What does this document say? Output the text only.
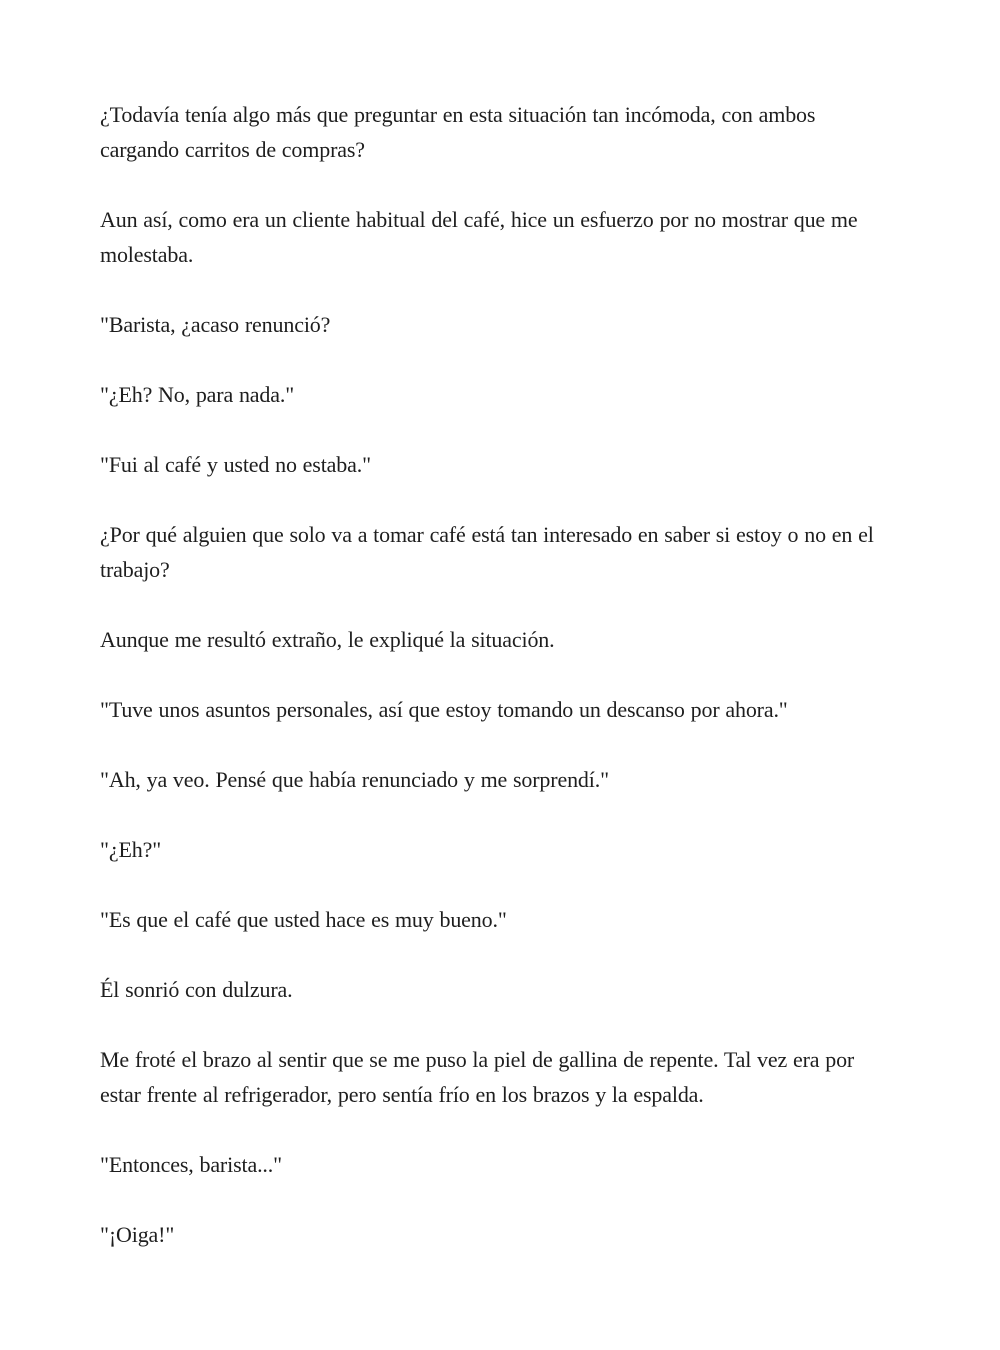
¿Todavía tenía algo más que preguntar en esta situación tan incómoda, con ambos cargando carritos de compras?

Aun así, como era un cliente habitual del café, hice un esfuerzo por no mostrar que me molestaba.

"Barista, ¿acaso renunció?

"¿Eh? No, para nada."

"Fui al café y usted no estaba."

¿Por qué alguien que solo va a tomar café está tan interesado en saber si estoy o no en el trabajo?

Aunque me resultó extraño, le expliqué la situación.

"Tuve unos asuntos personales, así que estoy tomando un descanso por ahora."

"Ah, ya veo. Pensé que había renunciado y me sorprendí."

"¿Eh?"

"Es que el café que usted hace es muy bueno."

Él sonrió con dulzura.

Me froté el brazo al sentir que se me puso la piel de gallina de repente. Tal vez era por estar frente al refrigerador, pero sentía frío en los brazos y la espalda.

"Entonces, barista..."

"¡Oiga!"
